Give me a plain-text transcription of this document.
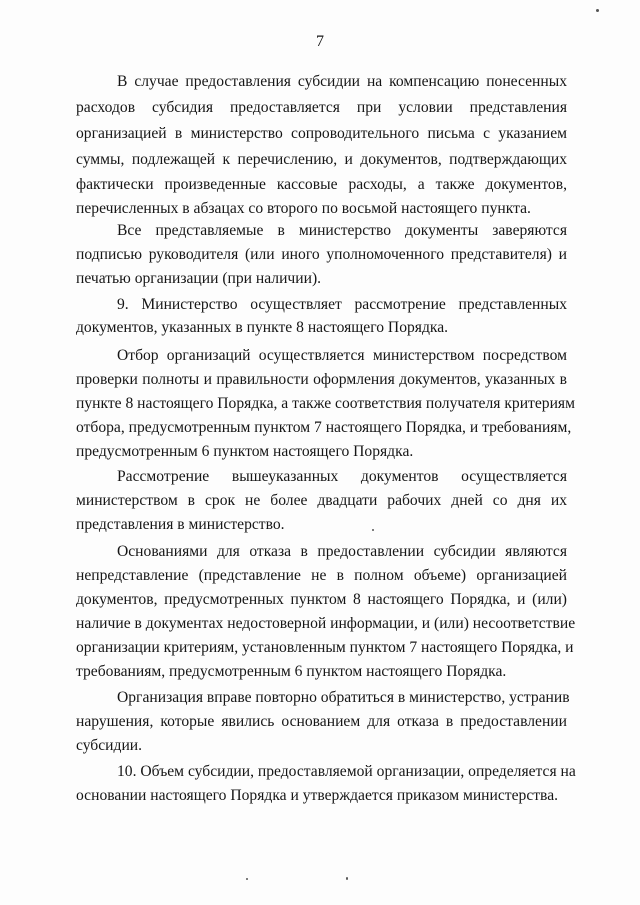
7
В случае предоставления субсидии на компенсацию понесенных
расходов субсидия предоставляется при условии представления
организацией в министерство сопроводительного письма с указанием
суммы, подлежащей к перечислению, и документов, подтверждающих
фактически произведенные кассовые расходы, а также документов,
перечисленных в абзацах со второго по восьмой настоящего пункта.
Все представляемые в министерство документы заверяются
подписью руководителя (или иного уполномоченного представителя) и
печатью организации (при наличии).
9. Министерство осуществляет рассмотрение представленных
документов, указанных в пункте 8 настоящего Порядка.
Отбор организаций осуществляется министерством посредством
проверки полноты и правильности оформления документов, указанных в
пункте 8 настоящего Порядка, а также соответствия получателя критериям
отбора, предусмотренным пунктом 7 настоящего Порядка, и требованиям,
предусмотренным 6 пунктом настоящего Порядка.
Рассмотрение вышеуказанных документов осуществляется
министерством в срок не более двадцати рабочих дней со дня их
представления в министерство.
Основаниями для отказа в предоставлении субсидии являются
непредставление (представление не в полном объеме) организацией
документов, предусмотренных пунктом 8 настоящего Порядка, и (или)
наличие в документах недостоверной информации, и (или) несоответствие
организации критериям, установленным пунктом 7 настоящего Порядка, и
требованиям, предусмотренным 6 пунктом настоящего Порядка.
Организация вправе повторно обратиться в министерство, устранив
нарушения, которые явились основанием для отказа в предоставлении
субсидии.
10. Объем субсидии, предоставляемой организации, определяется на
основании настоящего Порядка и утверждается приказом министерства.
